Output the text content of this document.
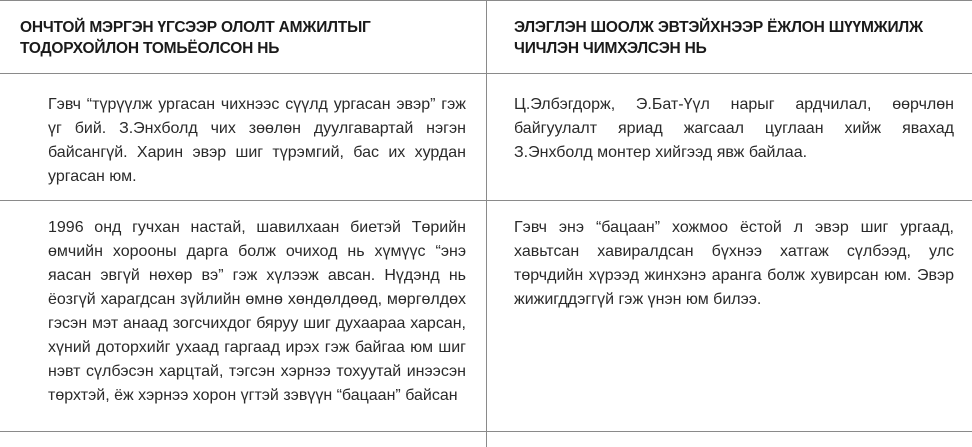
ОНЧТОЙ МЭРГЭН ҮГСЭЭР ОЛОЛТ АМЖИЛТЫГ ТОДОРХОЙЛОН ТОМЬЁОЛСОН НЬ

ЭЛЭГЛЭН ШООЛЖ ЭВТЭЙХНЭЭР ЁЖЛОН ШҮҮМЖИЛЖ ЧИЧЛЭН ЧИМХЭЛСЭН НЬ

Гэвч “түрүүлж ургасан чихнээс сүүлд ургасан эвэр” гэж үг бий. З.Энхболд чих зөөлөн дуулгавартай нэгэн байсангүй. Харин эвэр шиг түрэмгий, бас их хурдан ургасан юм.

Ц.Элбэгдорж, Э.Бат-Үүл нарыг ардчилал, өөрчлөн байгуулалт яриад жагсаал цуглаан хийж явахад З.Энхболд монтер хийгээд явж байлаа.

1996 онд гучхан настай, шавилхаан биетэй Төрийн өмчийн хорооны дарга болж очиход нь хүмүүс “энэ яасан эвгүй нөхөр вэ” гэж хүлээж авсан. Нүдэнд нь ёозгүй харагдсан зүйлийн өмнө хөндөлдөөд, мөргөлдөх гэсэн мэт анаад зогсчихдог бяруу шиг духаараа харсан, хүний доторхийг ухаад гаргаад ирэх гэж байгаа юм шиг нэвт сүлбэсэн харцтай, тэгсэн хэрнээ тохуутай инээсэн төрхтэй, ёж хэрнээ хорон үгтэй зэвүүн “бацаан” байсан

Гэвч энэ “бацаан” хожмоо ёстой л эвэр шиг ургаад, хавьтсан хавиралдсан бүхнээ хатгаж сүлбээд, улс төрчдийн хүрээд жинхэнэ аранга болж хувирсан юм. Эвэр жижигддэггүй гэж үнэн юм билээ.
